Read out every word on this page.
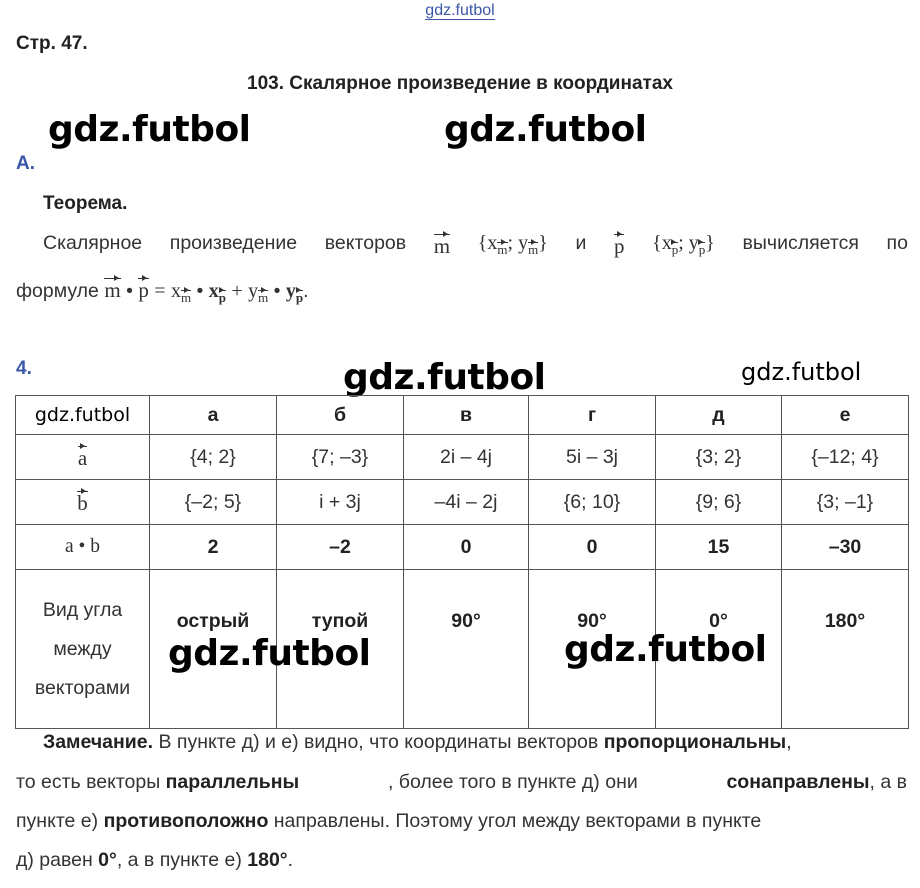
gdz.futbol
Стр. 47.
103. Скалярное произведение в координатах
gdz.futbol	gdz.futbol
А.
Теорема.
Скалярное произведение векторов m {$x_m$; $y_m$} и p {$x_p$; $y_p$} вычисляется по
формуле m • $p = x_m$ • $x_p + y_m$ • $y_p$.
4.	gdz.futbol	gdz.futbol
gdz.futbol	а	б	в	г	д	е
a	{4; 2}	{7; –3}	2i – 4j	5i – 3j	{3; 2}	{–12; 4}
b	{–2; 5}	i + 3j	–4i – 2j	{6; 10}	{9; 6}	{3; –1}
a • b	2	–2	0	0	15	–30

Вид угла
между
векторами	острый	тупой	90°	90°	0°	180°
gdz.futbol	gdz.futbol
Замечание. В пункте д) и е) видно, что координаты векторов пропорциональны,
то есть векторы параллельны	, более того в пункте д) они	сонаправлены, а в
пункте е) противоположно направлены. Поэтому угол между векторами в пункте
д) равен 0°, а в пункте е) 180°.
